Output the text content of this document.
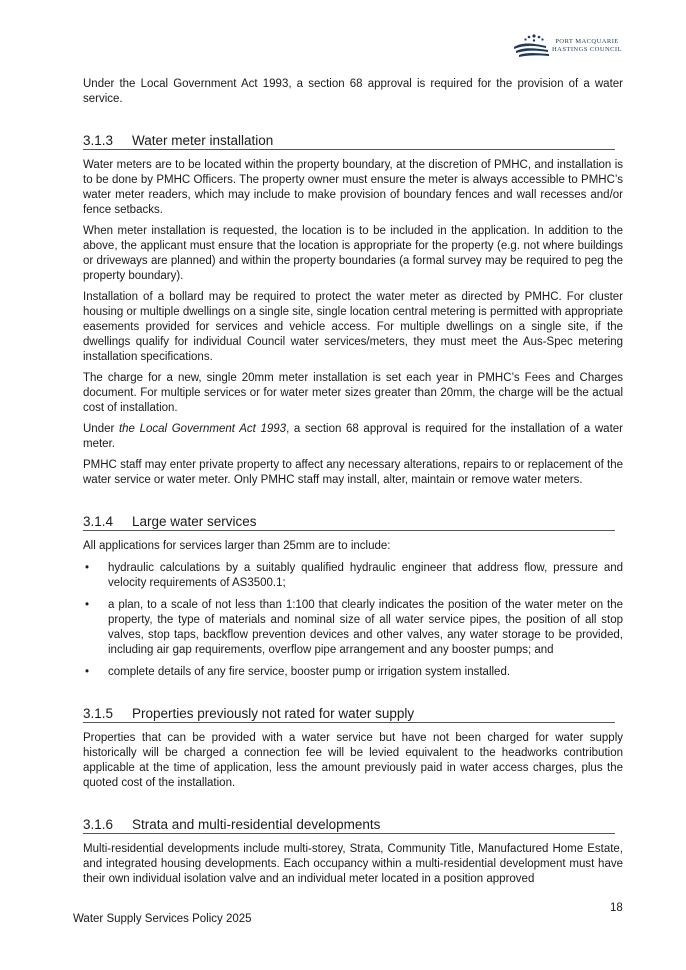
PORT MACQUARIE
HASTINGS COUNCIL

Under the Local Government Act 1993, a section 68 approval is required for the provision of a water service.

3.1.3	Water meter installation

Water meters are to be located within the property boundary, at the discretion of PMHC, and installation is to be done by PMHC Officers. The property owner must ensure the meter is always accessible to PMHC’s water meter readers, which may include to make provision of boundary fences and wall recesses and/or fence setbacks.

When meter installation is requested, the location is to be included in the application. In addition to the above, the applicant must ensure that the location is appropriate for the property (e.g. not where buildings or driveways are planned) and within the property boundaries (a formal survey may be required to peg the property boundary).

Installation of a bollard may be required to protect the water meter as directed by PMHC. For cluster housing or multiple dwellings on a single site, single location central metering is permitted with appropriate easements provided for services and vehicle access. For multiple dwellings on a single site, if the dwellings qualify for individual Council water services/meters, they must meet the Aus-Spec metering installation specifications.

The charge for a new, single 20mm meter installation is set each year in PMHC’s Fees and Charges document. For multiple services or for water meter sizes greater than 20mm, the charge will be the actual cost of installation.

Under the Local Government Act 1993, a section 68 approval is required for the installation of a water meter.

PMHC staff may enter private property to affect any necessary alterations, repairs to or replacement of the water service or water meter. Only PMHC staff may install, alter, maintain or remove water meters.

3.1.4	Large water services

All applications for services larger than 25mm are to include:

• hydraulic calculations by a suitably qualified hydraulic engineer that address flow, pressure and velocity requirements of AS3500.1;
• a plan, to a scale of not less than 1:100 that clearly indicates the position of the water meter on the property, the type of materials and nominal size of all water service pipes, the position of all stop valves, stop taps, backflow prevention devices and other valves, any water storage to be provided, including air gap requirements, overflow pipe arrangement and any booster pumps; and
• complete details of any fire service, booster pump or irrigation system installed.
3.1.5	Properties previously not rated for water supply

Properties that can be provided with a water service but have not been charged for water supply historically will be charged a connection fee will be levied equivalent to the headworks contribution applicable at the time of application, less the amount previously paid in water access charges, plus the quoted cost of the installation.

3.1.6	Strata and multi-residential developments

Multi-residential developments include multi-storey, Strata, Community Title, Manufactured Home Estate, and integrated housing developments. Each occupancy within a multi-residential development must have their own individual isolation valve and an individual meter located in a position approved

18
Water Supply Services Policy 2025
